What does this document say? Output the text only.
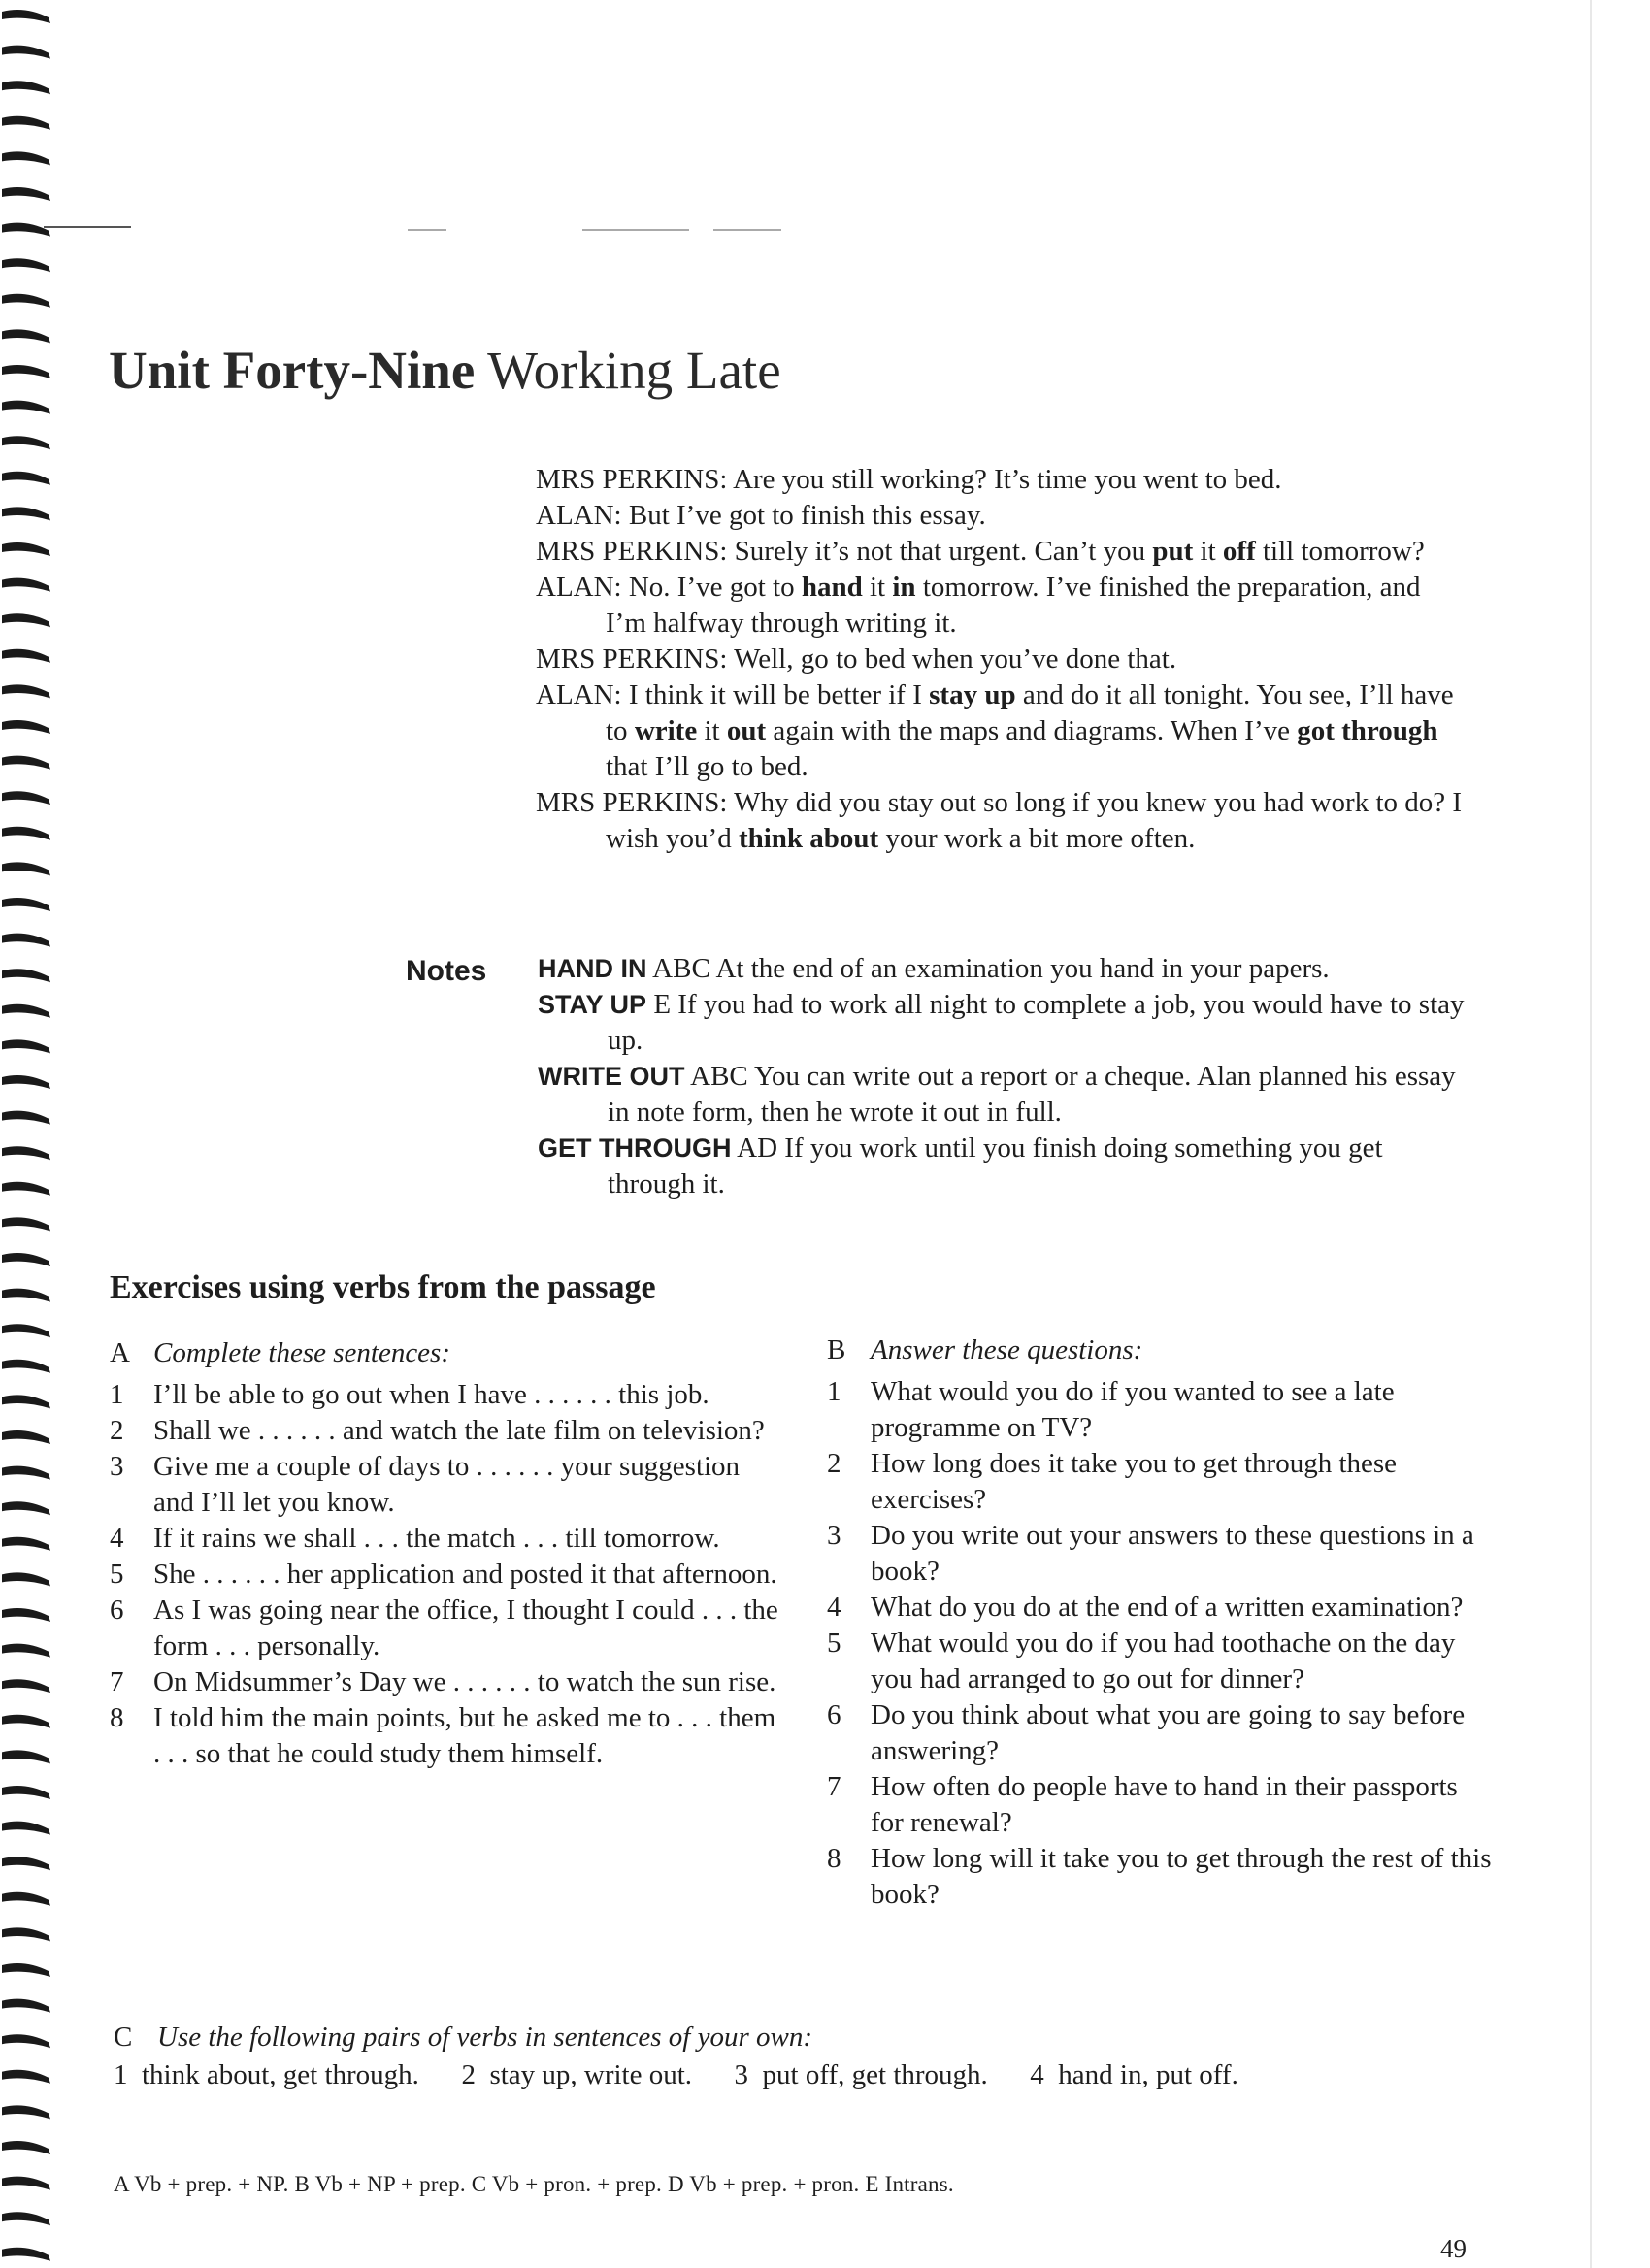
Unit Forty-Nine Working Late

MRS PERKINS: Are you still working? It’s time you went to bed.

ALAN: But I’ve got to finish this essay.

MRS PERKINS: Surely it’s not that urgent. Can’t you put it off till tomorrow?

ALAN: No. I’ve got to hand it in tomorrow. I’ve finished the preparation, and I’m halfway through writing it.

MRS PERKINS: Well, go to bed when you’ve done that.

ALAN: I think it will be better if I stay up and do it all tonight. You see, I’ll have to write it out again with the maps and diagrams. When I’ve got through that I’ll go to bed.

MRS PERKINS: Why did you stay out so long if you knew you had work to do? I wish you’d think about your work a bit more often.

Notes HAND IN ABC At the end of an examination you hand in your papers.

STAY UP E If you had to work all night to complete a job, you would have to stay up.

WRITE OUT ABC You can write out a report or a cheque. Alan planned his essay in note form, then he wrote it out in full.

GET THROUGH AD If you work until you finish doing something you get through it.

Exercises using verbs from the passage

A Complete these sentences:

1	I’ll be able to go out when I have . . . . . . this job.
2	Shall we . . . . . . and watch the late film on television?
3	Give me a couple of days to . . . . . . your suggestion and I’ll let you know.
4	If it rains we shall . . . the match . . . till tomorrow.
5	She . . . . . . her application and posted it that afternoon.
6	As I was going near the office, I thought I could . . . the form . . . personally.
7	On Midsummer’s Day we . . . . . . to watch the sun rise.
8	I told him the main points, but he asked me to . . . them . . . so that he could study them himself.

B Answer these questions:

1	What would you do if you wanted to see a late programme on TV?
2	How long does it take you to get through these exercises?
3	Do you write out your answers to these questions in a book?
4	What do you do at the end of a written examination?
5	What would you do if you had toothache on the day you had arranged to go out for dinner?
6	Do you think about what you are going to say before answering?
7	How often do people have to hand in their passports for renewal?
8	How long will it take you to get through the rest of this book?
C Use the following pairs of verbs in sentences of your own:
1 think about, get through. 2 stay up, write out. 3 put off, get through. 4 hand in, put off.
A Vb + prep. + NP. B Vb + NP + prep. C Vb + pron. + prep. D Vb + prep. + pron. E Intrans.
49
